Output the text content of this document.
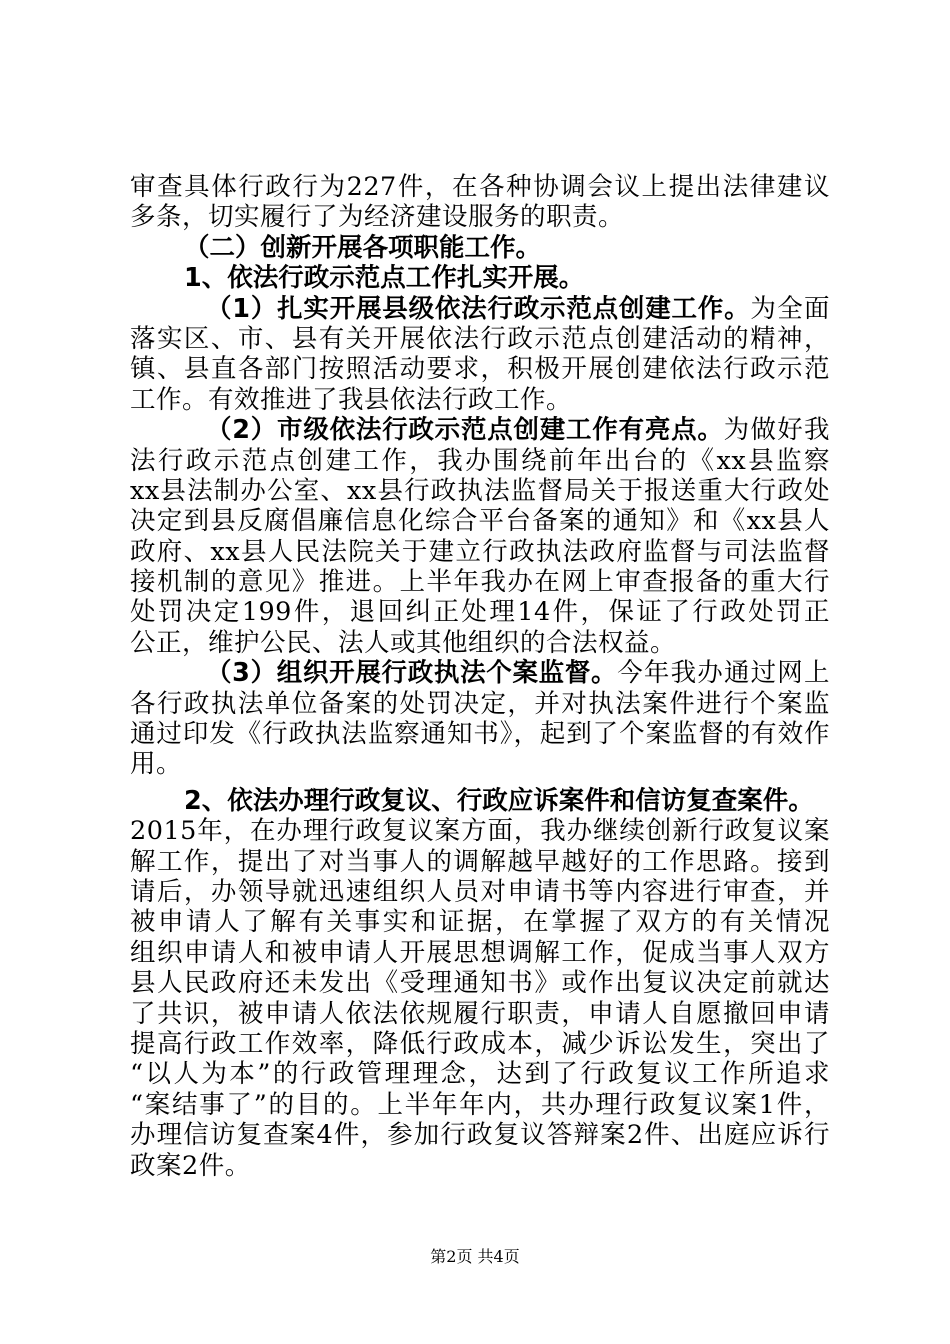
审查具体行政行为227件，在各种协调会议上提出法律建议
多条，切实履行了为经济建设服务的职责。
（二）创新开展各项职能工作。
1、依法行政示范点工作扎实开展。
（1）扎实开展县级依法行政示范点创建工作。为全面
落实区、市、县有关开展依法行政示范点创建活动的精神，
镇、县直各部门按照活动要求，积极开展创建依法行政示范
工作。有效推进了我县依法行政工作。
（2）市级依法行政示范点创建工作有亮点。为做好我
法行政示范点创建工作，我办围绕前年出台的《xx县监察
xx县法制办公室、xx县行政执法监督局关于报送重大行政处
决定到县反腐倡廉信息化综合平台备案的通知》和《xx县人
政府、xx县人民法院关于建立行政执法政府监督与司法监督
接机制的意见》推进。上半年我办在网上审查报备的重大行
处罚决定199件，退回纠正处理14件，保证了行政处罚正
公正，维护公民、法人或其他组织的合法权益。
（3）组织开展行政执法个案监督。今年我办通过网上
各行政执法单位备案的处罚决定，并对执法案件进行个案监
通过印发《行政执法监察通知书》，起到了个案监督的有效作
用。
2、依法办理行政复议、行政应诉案件和信访复查案件。
2015年，在办理行政复议案方面，我办继续创新行政复议案
解工作，提出了对当事人的调解越早越好的工作思路。接到
请后，办领导就迅速组织人员对申请书等内容进行审查，并
被申请人了解有关事实和证据，在掌握了双方的有关情况
组织申请人和被申请人开展思想调解工作，促成当事人双方
县人民政府还未发出《受理通知书》或作出复议决定前就达
了共识，被申请人依法依规履行职责，申请人自愿撤回申请
提高行政工作效率，降低行政成本，减少诉讼发生，突出了
“以人为本”的行政管理理念，达到了行政复议工作所追求
“案结事了”的目的。上半年年内，共办理行政复议案1件，
办理信访复查案4件，参加行政复议答辩案2件、出庭应诉行
政案2件。
第2页 共4页
